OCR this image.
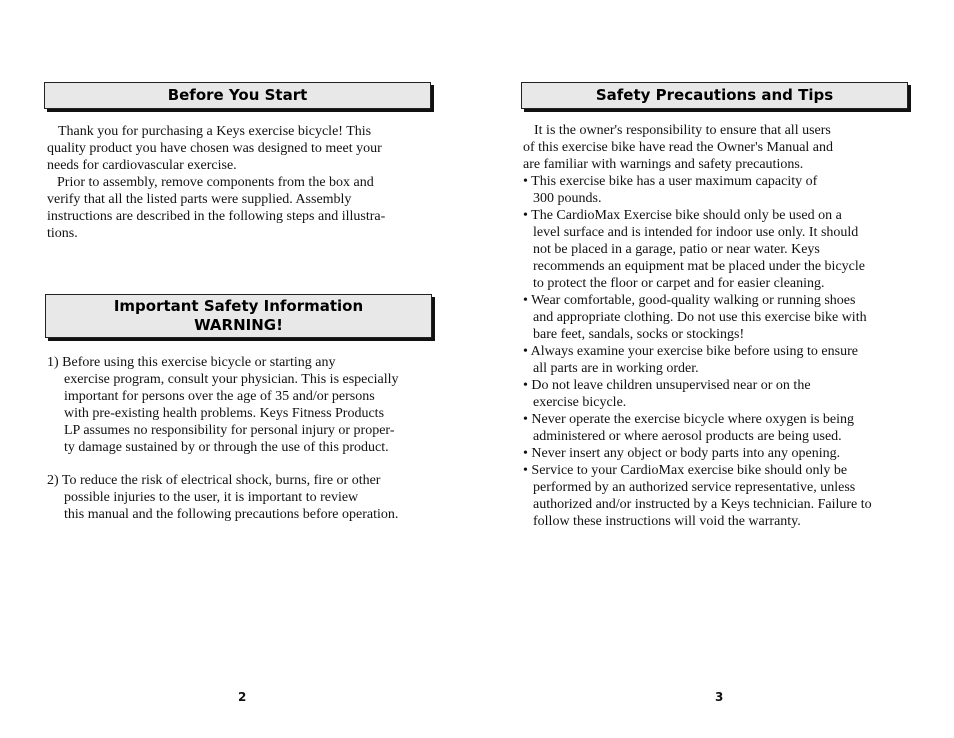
Before You Start
Thank you for purchasing a Keys exercise bicycle! This
quality product you have chosen was designed to meet your
needs for cardiovascular exercise.
Prior to assembly, remove components from the box and
verify that all the listed parts were supplied. Assembly
instructions are described in the following steps and illustra-
tions.
Important Safety Information
WARNING!
1) Before using this exercise bicycle or starting any
exercise program, consult your physician. This is especially
important for persons over the age of 35 and/or persons
with pre-existing health problems. Keys Fitness Products
LP assumes no responsibility for personal injury or proper-
ty damage sustained by or through the use of this product.
2) To reduce the risk of electrical shock, burns, fire or other
possible injuries to the user, it is important to review
this manual and the following precautions before operation.
2
Safety Precautions and Tips
It is the owner's responsibility to ensure that all users
of this exercise bike have read the Owner's Manual and
are familiar with warnings and safety precautions.
• This exercise bike has a user maximum capacity of
300 pounds.
• The CardioMax Exercise bike should only be used on a
level surface and is intended for indoor use only. It should
not be placed in a garage, patio or near water. Keys
recommends an equipment mat be placed under the bicycle
to protect the floor or carpet and for easier cleaning.
• Wear comfortable, good-quality walking or running shoes
and appropriate clothing. Do not use this exercise bike with
bare feet, sandals, socks or stockings!
• Always examine your exercise bike before using to ensure
all parts are in working order.
• Do not leave children unsupervised near or on the
exercise bicycle.
• Never operate the exercise bicycle where oxygen is being
administered or where aerosol products are being used.
• Never insert any object or body parts into any opening.
• Service to your CardioMax exercise bike should only be
performed by an authorized service representative, unless
authorized and/or instructed by a Keys technician. Failure to
follow these instructions will void the warranty.
3
